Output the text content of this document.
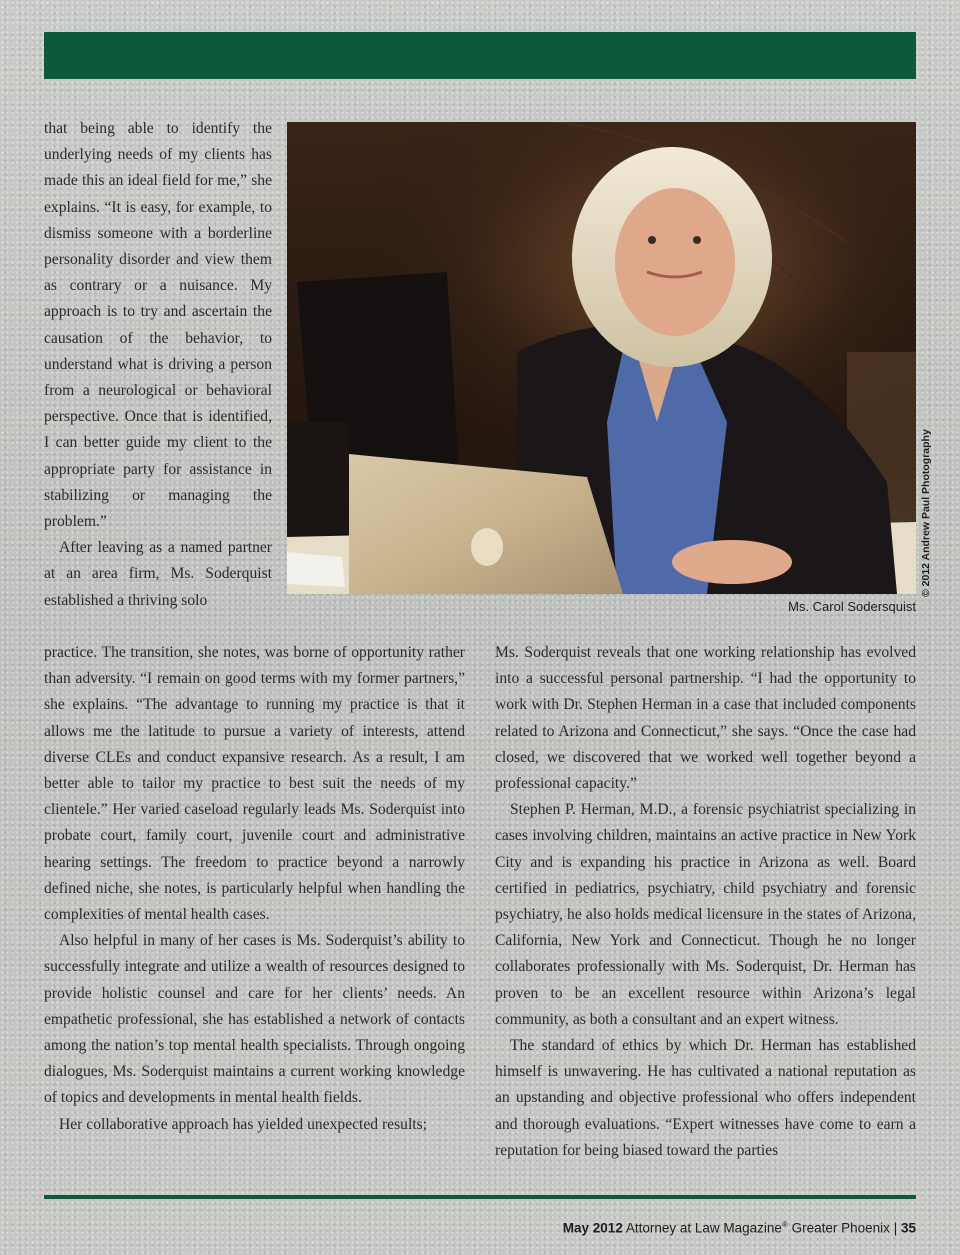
that being able to identify the underlying needs of my clients has made this an ideal field for me,” she explains. “It is easy, for example, to dismiss someone with a borderline personality disorder and view them as contrary or a nuisance. My approach is to try and ascertain the causation of the behavior, to understand what is driving a person from a neurological or behavioral perspective. Once that is identified, I can better guide my client to the appropriate party for assistance in stabilizing or managing the problem.”

After leaving as a named partner at an area firm, Ms. Soderquist established a thriving solo

© 2012 Andrew Paul Photography
Ms. Carol Sodersquist

practice. The transition, she notes, was borne of opportunity rather than adversity. “I remain on good terms with my former partners,” she explains. “The advantage to running my practice is that it allows me the latitude to pursue a variety of interests, attend diverse CLEs and conduct expansive research. As a result, I am better able to tailor my practice to best suit the needs of my clientele.” Her varied caseload regularly leads Ms. Soderquist into probate court, family court, juvenile court and administrative hearing settings. The freedom to practice beyond a narrowly defined niche, she notes, is particularly helpful when handling the complexities of mental health cases.

Also helpful in many of her cases is Ms. Soderquist’s ability to successfully integrate and utilize a wealth of resources designed to provide holistic counsel and care for her clients’ needs. An empathetic professional, she has established a network of contacts among the nation’s top mental health specialists. Through ongoing dialogues, Ms. Soderquist maintains a current working knowledge of topics and developments in mental health fields.

Her collaborative approach has yielded unexpected results;

Ms. Soderquist reveals that one working relationship has evolved into a successful personal partnership. “I had the opportunity to work with Dr. Stephen Herman in a case that included components related to Arizona and Connecticut,” she says. “Once the case had closed, we discovered that we worked well together beyond a professional capacity.”

Stephen P. Herman, M.D., a forensic psychiatrist specializing in cases involving children, maintains an active practice in New York City and is expanding his practice in Arizona as well. Board certified in pediatrics, psychiatry, child psychiatry and forensic psychiatry, he also holds medical licensure in the states of Arizona, California, New York and Connecticut. Though he no longer collaborates professionally with Ms. Soderquist, Dr. Herman has proven to be an excellent resource within Arizona’s legal community, as both a consultant and an expert witness.

The standard of ethics by which Dr. Herman has established himself is unwavering. He has cultivated a national reputation as an upstanding and objective professional who offers independent and thorough evaluations. “Expert witnesses have come to earn a reputation for being biased toward the parties

May 2012 Attorney at Law Magazine® Greater Phoenix | 35
